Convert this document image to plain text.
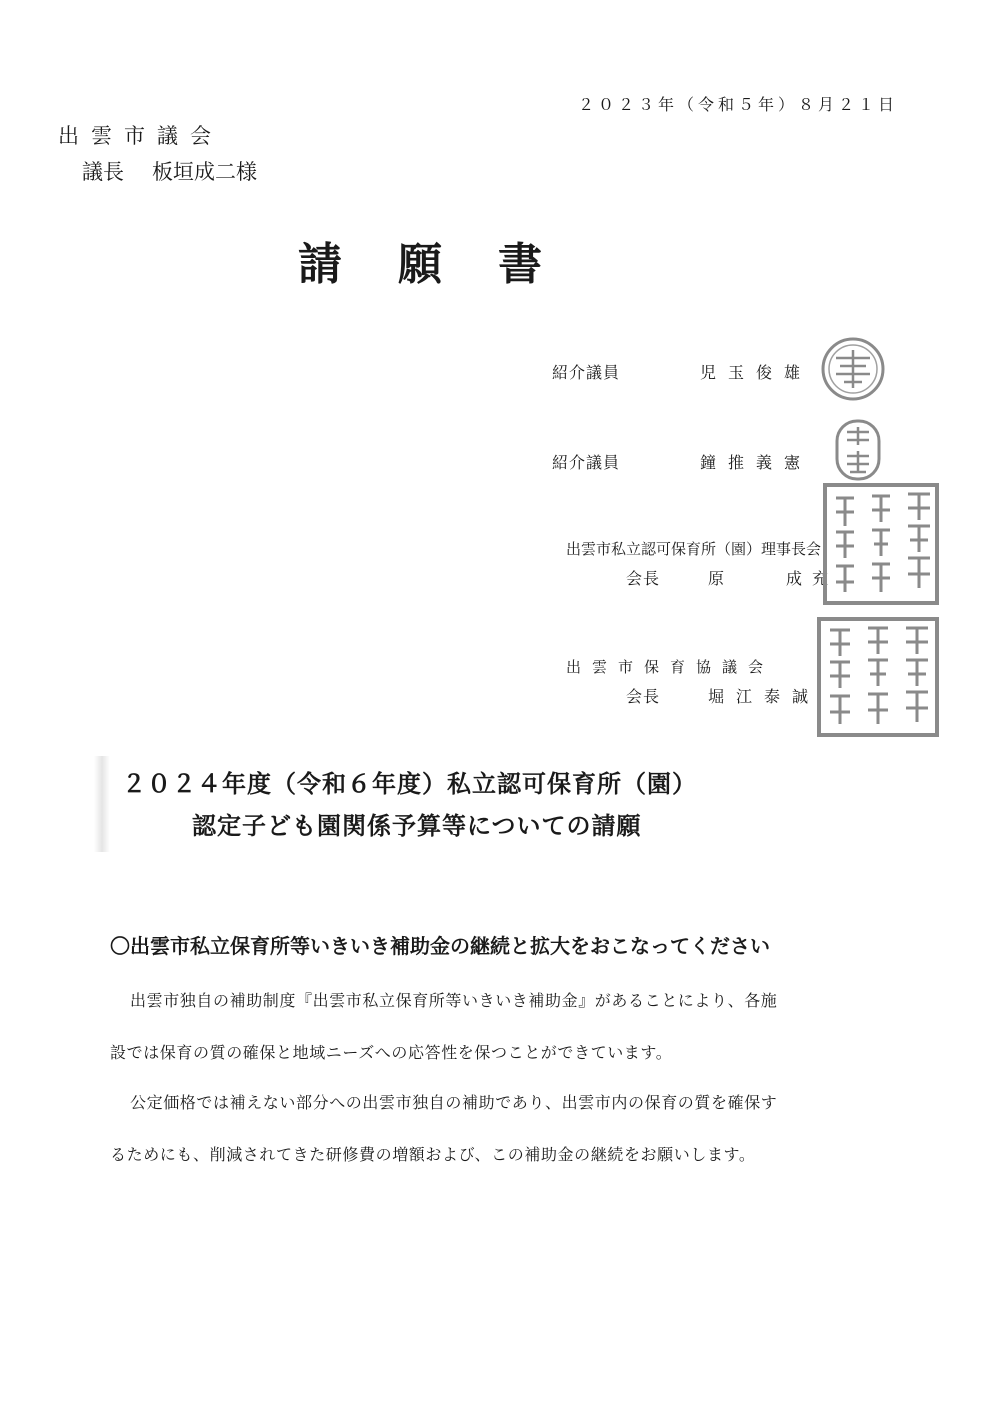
２０２３年（令和５年）８月２１日
出雲市議会
議長 板垣成二様
請願書
紹介議員	児玉俊雄
紹介議員	鐘推義憲
出雲市私立認可保育所（園）理事長会
会長	原　　成充
出雲市保育協議会
会長	堀江泰誠
２０２４年度（令和６年度）私立認可保育所（園）
認定子ども園関係予算等についての請願
〇出雲市私立保育所等いきいき補助金の継続と拡大をおこなってください
出雲市独自の補助制度『出雲市私立保育所等いきいき補助金』があることにより、各施
設では保育の質の確保と地域ニーズへの応答性を保つことができています。
公定価格では補えない部分への出雲市独自の補助であり、出雲市内の保育の質を確保す
るためにも、削減されてきた研修費の増額および、この補助金の継続をお願いします。
